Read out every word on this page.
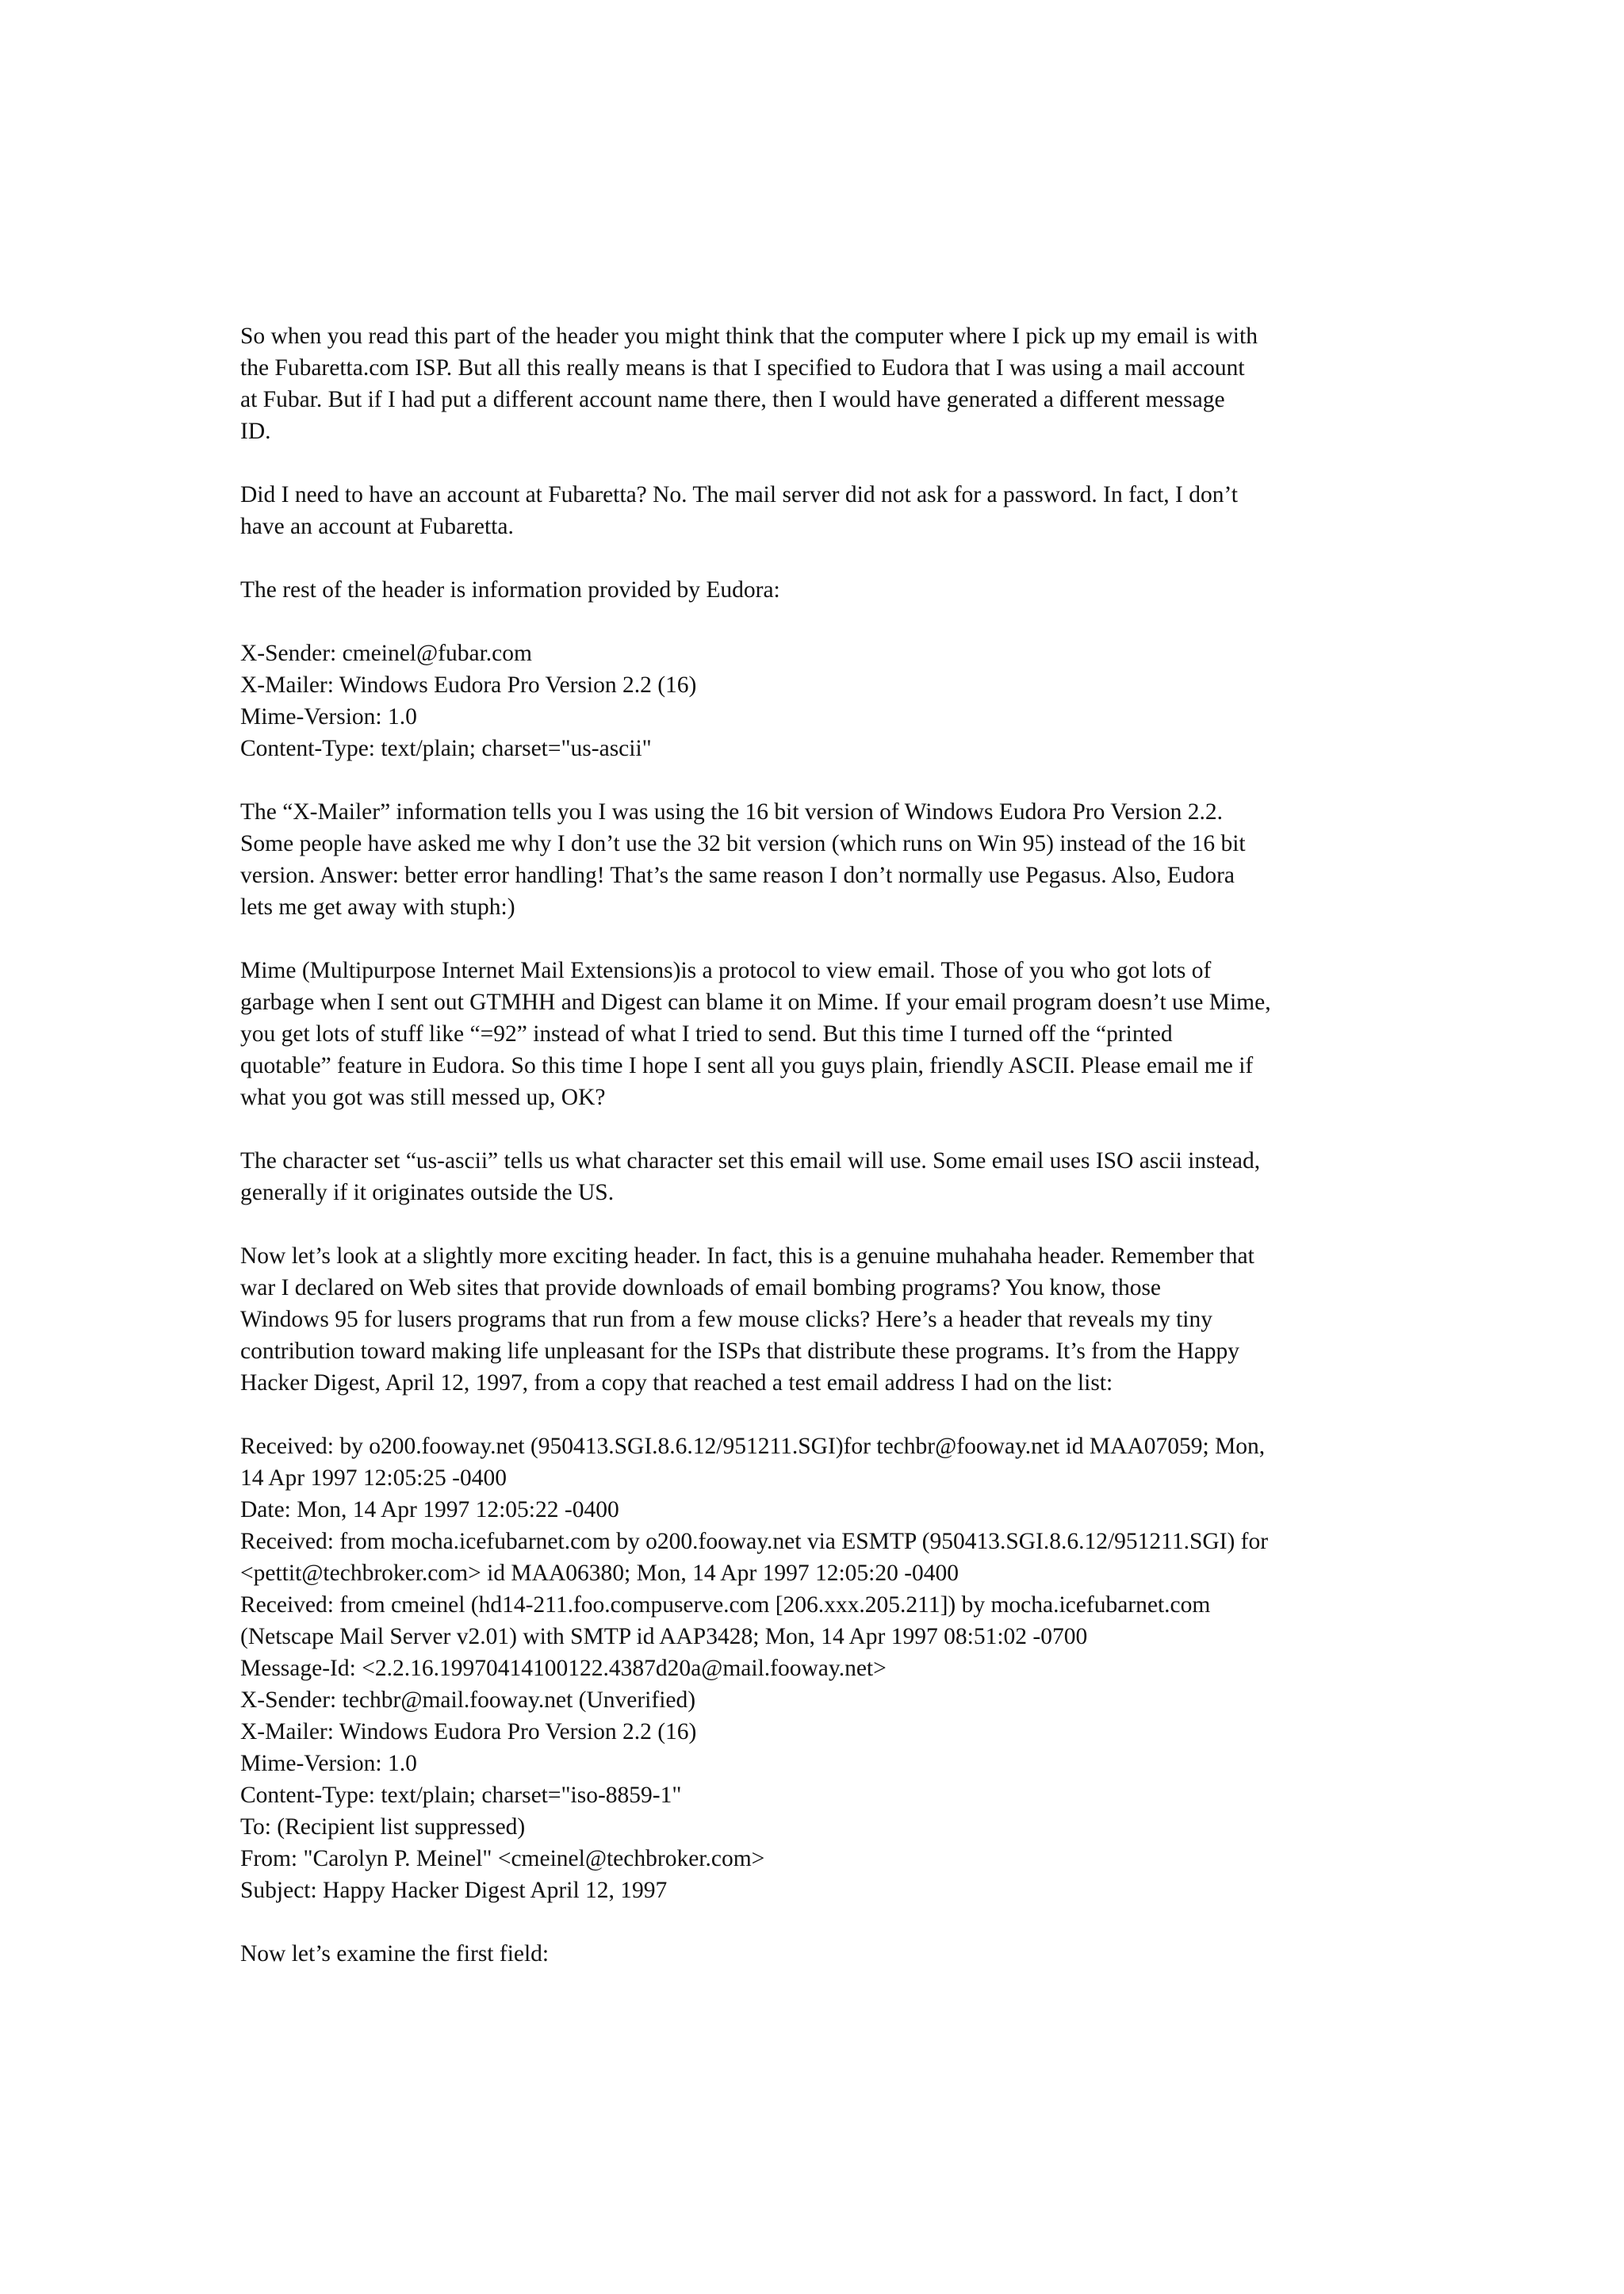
So when you read this part of the header you might think that the computer where I pick up my email is with
the Fubaretta.com ISP. But all this really means is that I specified to Eudora that I was using a mail account
at Fubar. But if I had put a different account name there, then I would have generated a different message
ID.
Did I need to have an account at Fubaretta? No. The mail server did not ask for a password. In fact, I don’t
have an account at Fubaretta.
The rest of the header is information provided by Eudora:
X-Sender: cmeinel@fubar.com
X-Mailer: Windows Eudora Pro Version 2.2 (16)
Mime-Version: 1.0
Content-Type: text/plain; charset="us-ascii"
The “X-Mailer” information tells you I was using the 16 bit version of Windows Eudora Pro Version 2.2.
Some people have asked me why I don’t use the 32 bit version (which runs on Win 95) instead of the 16 bit
version. Answer: better error handling! That’s the same reason I don’t normally use Pegasus. Also, Eudora
lets me get away with stuph:)
Mime (Multipurpose Internet Mail Extensions)is a protocol to view email. Those of you who got lots of
garbage when I sent out GTMHH and Digest can blame it on Mime. If your email program doesn’t use Mime,
you get lots of stuff like “=92” instead of what I tried to send. But this time I turned off the “printed
quotable” feature in Eudora. So this time I hope I sent all you guys plain, friendly ASCII. Please email me if
what you got was still messed up, OK?
The character set “us-ascii” tells us what character set this email will use. Some email uses ISO ascii instead,
generally if it originates outside the US.
Now let’s look at a slightly more exciting header. In fact, this is a genuine muhahaha header. Remember that
war I declared on Web sites that provide downloads of email bombing programs? You know, those
Windows 95 for lusers programs that run from a few mouse clicks? Here’s a header that reveals my tiny
contribution toward making life unpleasant for the ISPs that distribute these programs. It’s from the Happy
Hacker Digest, April 12, 1997, from a copy that reached a test email address I had on the list:
Received: by o200.fooway.net (950413.SGI.8.6.12/951211.SGI)for techbr@fooway.net id MAA07059; Mon,
14 Apr 1997 12:05:25 -0400
Date: Mon, 14 Apr 1997 12:05:22 -0400
Received: from mocha.icefubarnet.com by o200.fooway.net via ESMTP (950413.SGI.8.6.12/951211.SGI) for
<pettit@techbroker.com> id MAA06380; Mon, 14 Apr 1997 12:05:20 -0400
Received: from cmeinel (hd14-211.foo.compuserve.com [206.xxx.205.211]) by mocha.icefubarnet.com
(Netscape Mail Server v2.01) with SMTP id AAP3428; Mon, 14 Apr 1997 08:51:02 -0700
Message-Id: <2.2.16.19970414100122.4387d20a@mail.fooway.net>
X-Sender: techbr@mail.fooway.net (Unverified)
X-Mailer: Windows Eudora Pro Version 2.2 (16)
Mime-Version: 1.0
Content-Type: text/plain; charset="iso-8859-1"
To: (Recipient list suppressed)
From: "Carolyn P. Meinel" <cmeinel@techbroker.com>
Subject: Happy Hacker Digest April 12, 1997
Now let’s examine the first field:
